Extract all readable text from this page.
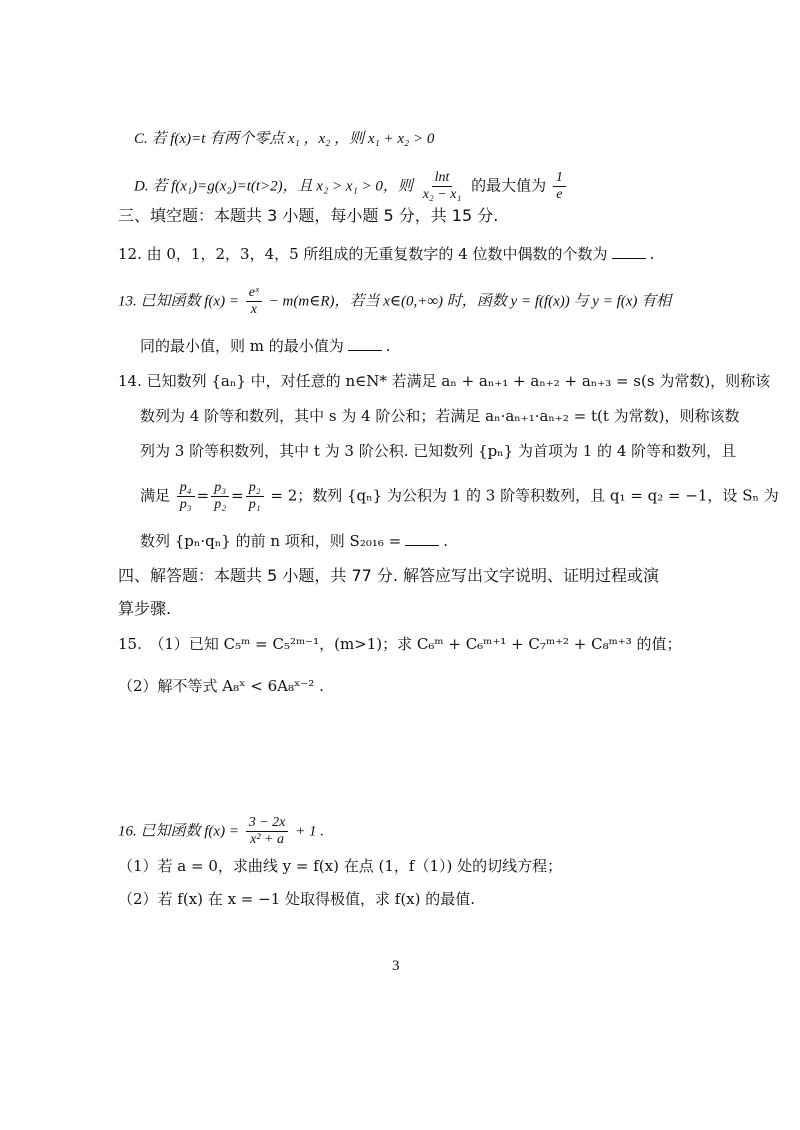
C. 若 f(x)=t 有两个零点 x₁ ，x₂ ，则 x₁ + x₂ > 0
D. 若 f(x₁)=g(x₂)=t(t>2)，且 x₂ > x₁ > 0，则 $\frac{\ln t}{\text{x₂ − x₁}}$ 的最大值为 $\frac{1}{e}$
三、填空题：本题共 3 小题，每小题 5 分，共 15 分.
12. 由 0，1，2，3，4，5 所组成的无重复数字的 4 位数中偶数的个数为	.
13. 已知函数 $f(x) = \frac{\text{eˣ}}{x}$ − m(m∈R)，若当 x∈(0,+∞) 时，函数 y = f(f(x)) 与 y = f(x) 有相
同的最小值，则 m 的最小值为	.
14. 已知数列 {aₙ} 中，对任意的 n∈N* 若满足 aₙ + aₙ₊₁ + aₙ₊₂ + aₙ₊₃ = s(s 为常数)，则称该
数列为 4 阶等和数列，其中 s 为 4 阶公和；若满足 aₙ·aₙ₊₁·aₙ₊₂ = t(t 为常数)，则称该数
列为 3 阶等积数列，其中 t 为 3 阶公积. 已知数列 {pₙ} 为首项为 1 的 4 阶等和数列，且
满足 $\frac{\text{p₄}}{\text{p₃}} = \frac{\text{p₃}}{\text{p₂}} = \frac{\text{p₂}}{\text{p₁}} = 2$；数列 {qₙ} 为公积为 1 的 3 阶等积数列，且 q₁ = q₂ = −1，设 Sₙ 为
数列 {pₙ·qₙ} 的前 n 项和，则 S₂₀₁₆ =	.
四、解答题：本题共 5 小题，共 77 分. 解答应写出文字说明、证明过程或演
算步骤.
15.　（1）已知 C₅ᵐ = C₅²ᵐ⁻¹，(m>1)；求 C₆ᵐ + C₆ᵐ⁺¹ + C₇ᵐ⁺² + C₈ᵐ⁺³ 的值；
（2）解不等式 A₈ˣ < 6A₈ˣ⁻² .
16. 已知函数 $f(x) = \frac{3 - 2x}{\text{x² + a}} + 1$ .
（1）若 a = 0，求曲线 y = f(x) 在点 (1，f（1）) 处的切线方程；
（2）若 f(x) 在 x = −1 处取得极值，求 f(x) 的最值.
3
